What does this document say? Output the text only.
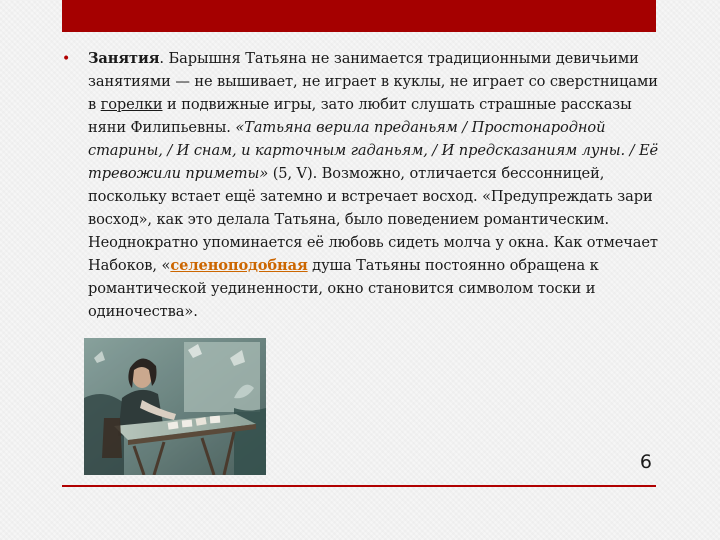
• Занятия. Барышня Татьяна не занимается традиционными девичьими занятиями — не вышивает, не играет в куклы, не играет со сверстницами в горелки и подвижные игры, зато любит слушать страшные рассказы няни Филипьевны. «Татьяна верила преданьям / Простонародной старины, / И снам, и карточным гаданьям, / И предсказаниям луны. / Её тревожили приметы» (5, V). Возможно, отличается бессонницей, поскольку встает ещё затемно и встречает восход. «Предупреждать зари восход», как это делала Татьяна, было поведением романтическим. Неоднократно упоминается её любовь сидеть молча у окна. Как отмечает Набоков, «селеноподобная душа Татьяны постоянно обращена к романтической уединенности, окно становится символом тоски и одиночества».

6
